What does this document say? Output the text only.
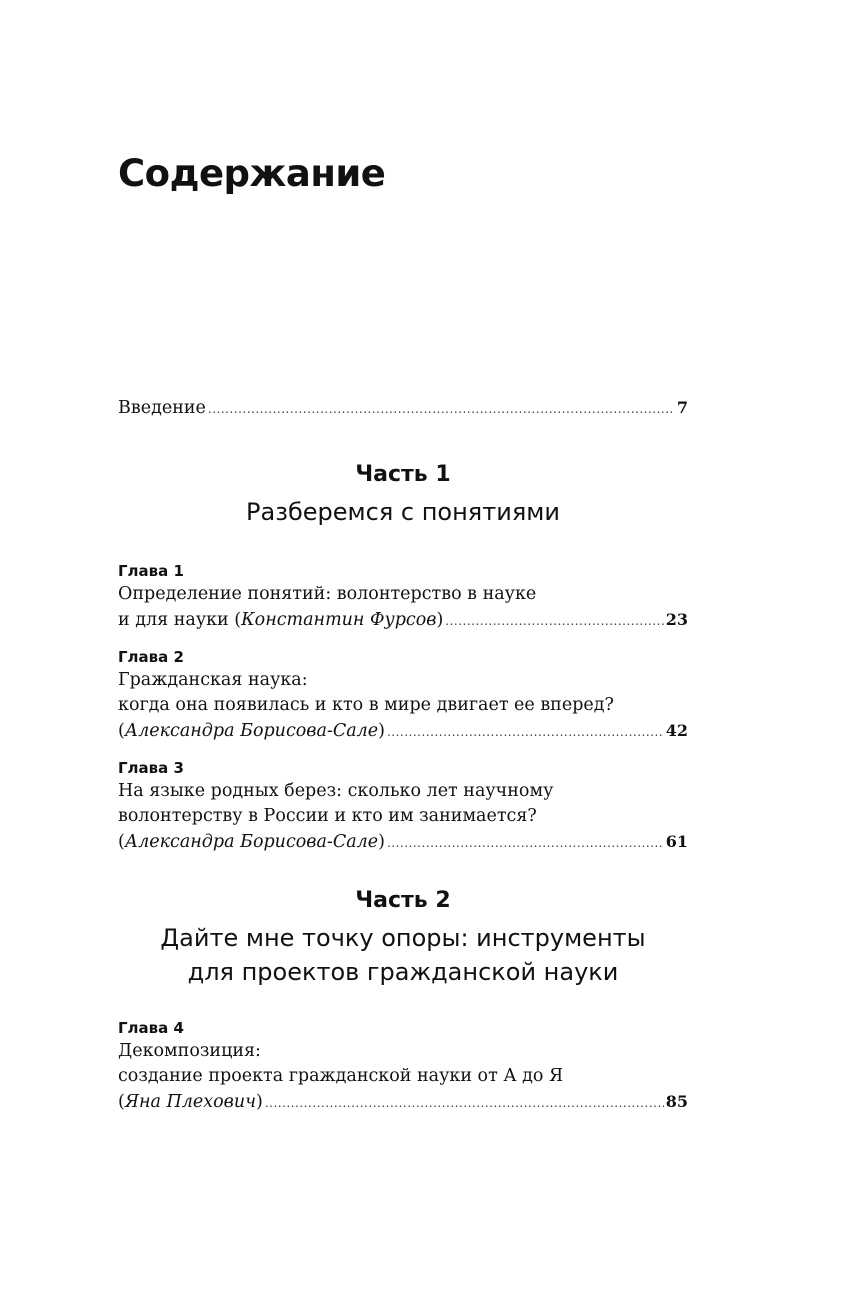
Содержание
Введение .....	7
Часть 1
Разберемся с понятиями
Глава 1
Определение понятий: волонтерство в науке
и для науки (Константин Фурсов) .....	23
Глава 2
Гражданская наука:
когда она появилась и кто в мире двигает ее вперед?
(Александра Борисова-Сале) .....	42
Глава 3
На языке родных берез: сколько лет научному
волонтерству в России и кто им занимается?
(Александра Борисова-Сале) .....	61
Часть 2
Дайте мне точку опоры: инструменты
для проектов гражданской науки
Глава 4
Декомпозиция:
создание проекта гражданской науки от А до Я
(Яна Плехович) .....	85
